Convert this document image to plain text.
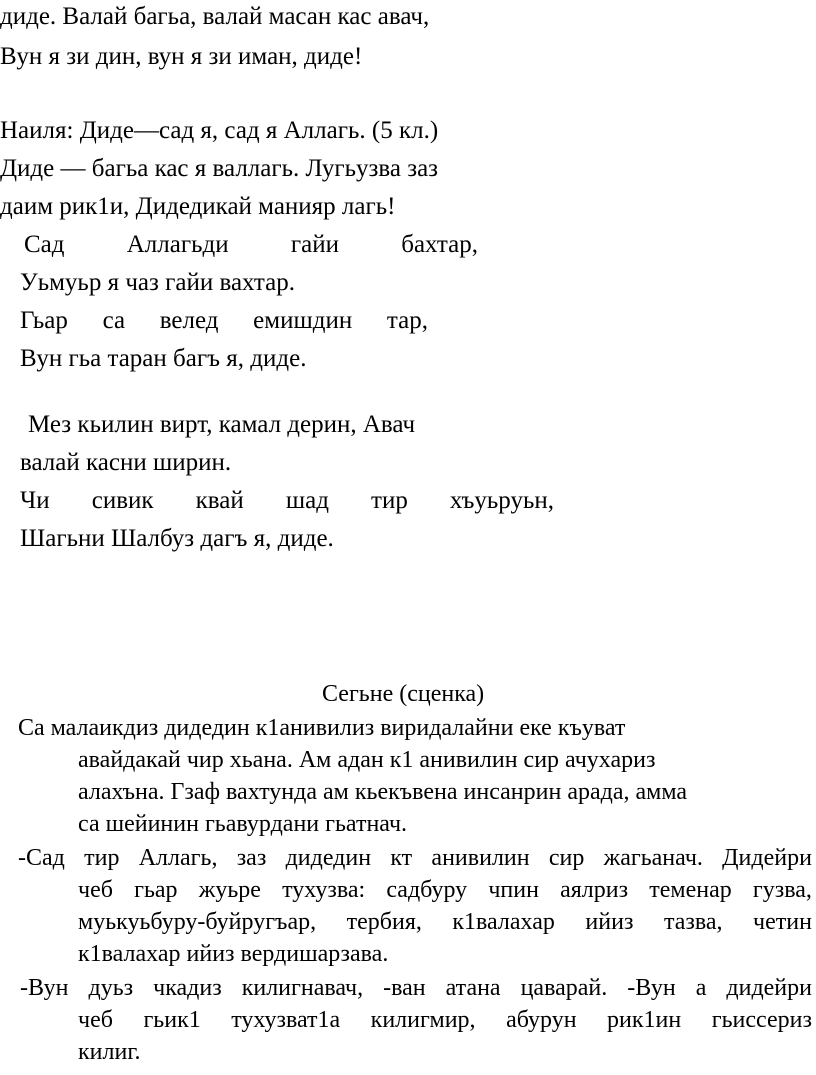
диде. Валай багьа, валай масан кас авач,
Вун я зи дин, вун я зи иман, диде!
Наиля: Диде—сад я, сад я Аллагь. (5 кл.)
Диде — багьа кас я валлагь. Лугьузва заз
даим рик1и, Дидедикай манияр лагь!
Сад Аллагьди гайи бахтар,
Уьмуьр я чаз гайи вахтар.
Гьар са велед емишдин тар,
Вун гьа таран багъ я, диде.
Мез кьилин вирт, камал дерин, Авач
валай касни ширин.
Чи сивик квай шад тир хъуьруьн,
Шагьни Шалбуз дагъ я, диде.
Сегьне (сценка)
Са малаикдиз дидедин к1анивилиз виридалайни еке къуват
авайдакай чир хьана. Ам адан к1 анивилин сир ачухариз
алахъна. Гзаф вахтунда ам кьекъвена инсанрин арада, амма
са шейинин гьавурдани гьатнач.
-Сад тир Аллагь, заз дидедин кт анивилин сир жагьанач. Дидейри
чеб гьар жуьре тухузва: садбуру чпин аялриз теменар гузва,
муькуьбуру-буйругъар, тербия, к1валахар ийиз тазва, четин
к1валахар ийиз вердишарзава.
-Вун дуьз чкадиз килигнавач, -ван атана цаварай. -Вун а дидейри
чеб гьик1 тухузват1а килигмир, абурун рик1ин гьиссериз
килиг.
